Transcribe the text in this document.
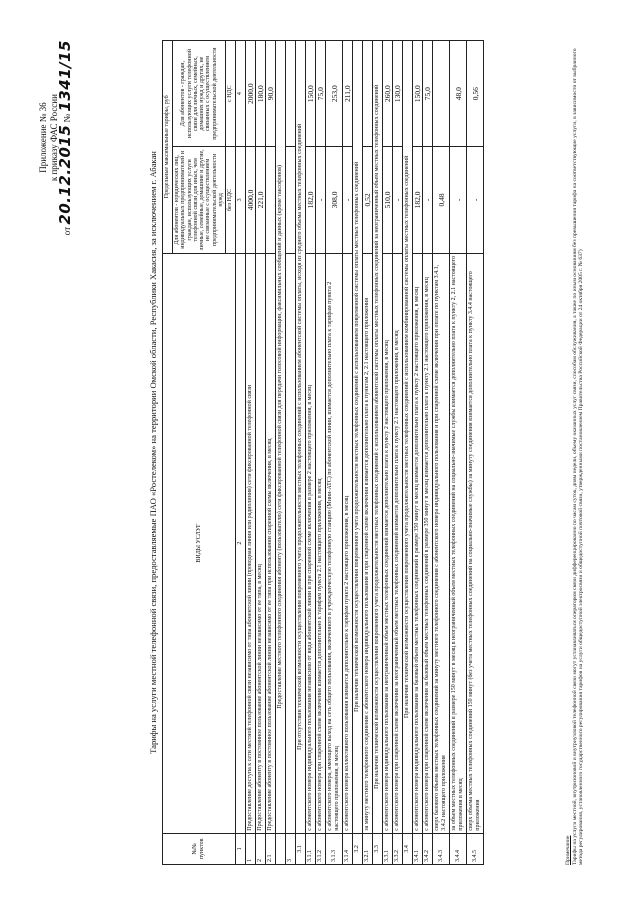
Приложение № 36 к приказу ФАС России
от 20.12.2015 № 1341/15
Тарифы на услуги местной телефонной связи, предоставляемые ПАО «Ростелеком» на территории Омской области, Республики Хакасия, за исключением г. Абакан
№№ пунктов	ВИДЫ УСЛУГ	Предельные максимальные тарифы, руб	
		Для абонентов - юридических лиц, индивидуальных предпринимателей и граждан, использующих услуги телефонной связи для иных, чем личные, семейные, домашние и другие, не связанные с осуществлением предпринимательской деятельности нужд	Для абонентов - граждан, использующих услуги телефонной связи для личных, семейных, домашних нужд и других, не связанных с осуществлением предпринимательской деятельности
		без НДС	с НДС
1	2	3	4
1	Предоставление доступа к сети местной телефонной связи независимо от типа абонентской линии (проводная линия или радиолиния) сети фиксированной телефонной связи	4000,0	2000,0
2	Предоставление абоненту в постоянное пользование абонентской линии независимо от ее типа, в месяц	221,0	180,0
2.1	Предоставление абоненту в постоянное пользование абонентской линии независимо от ее типа при использовании спаренной схемы включения, в месяц		90,0
	Предоставление местного телефонного соединения абоненту (пользователю) сети фиксированной телефонной связи для передачи голосовой информации, факсимильных сообщений и данных (кроме таксофонов)		
3			
3.1	При отсутствии технической возможности осуществления повременного учета продолжительности местных телефонных соединений с использованием абонентской системы оплаты, исходя из среднего объема местных телефонных соединений		
3.1.1	с абонентского номера индивидуального пользования независимо от вида абонентской линии и при спаренной схеме включения в размере 2 настоящего приложения, в месяц	182,0	150,0
3.1.2	с абонентского номера при спаренной схеме включения взимается дополнительно к тарифам пункта 2.1 настоящего приложения, в месяц	-	75,0
3.1.3	с абонентского номера, имеющего выход на сеть общего пользования, включенного в учрежденческую телефонную станцию (Мини-АТС) по абонентской линии, взимается дополнительно плата к тарифам пункта 2 настоящего приложения, в месяц	308,0	253,0
3.1.4	с абонентского номера коллективного пользования взимается дополнительно к тарифам пункта 2 настоящего приложения, в месяц	-	211,0
3.2	При наличии технической возможности осуществления повременного учета продолжительности местных телефонных соединений с использованием повременной системы оплаты местных телефонных соединений		
3.2.1	за минуту местного телефонного соединения с абонентского номера индивидуального пользования и при спаренной схеме включения взимается дополнительно плата к пунктам 2, 2.1 настоящего приложения	0,52	
3.3	При наличии технической возможности осуществления повременного учета продолжительности местных телефонных соединений с использованием абонентской системы оплаты местных телефонных соединений за неограниченный объем местных телефонных соединений		
3.3.1	с абонентского номера индивидуального пользования за неограниченный объем местных телефонных соединений взимается дополнительно плата к пункту 2 настоящего приложения, в месяц	510,0	260,0
3.3.2	с абонентского номера при спаренной схеме включения за неограниченный объем местных телефонных соединений взимается дополнительно плата к пункту 2.1 настоящего приложения, в месяц	-	130,0
3.4	При наличии технической возможности осуществления повременного учета продолжительности местных телефонных соединений с использованием комбинированной системы оплаты местных телефонных соединений		
3.4.1	с абонентского номера индивидуального пользования за базовый объем местных телефонных соединений в размере 350 минут в месяц взимается дополнительно плата к пункту 2 настоящего приложения, в месяц	182,0	150,0
3.4.2	с абонентского номера при спаренной схеме включения за базовый объем местных телефонных соединений в размере 350 минут в месяц взимается дополнительно плата к пункту 2.1 настоящего приложения, в месяц	-	75,0
3.4.3	сверх базового объема местных телефонных соединений за минуту местного телефонного соединения с абонентского номера индивидуального пользования и при спаренной схеме включения при оплате по пунктам 3.4.1, 3.4.2 настоящего приложения	0,48	
3.4.4	за объем местных телефонных соединений в размере 150 минут в месяц в неограниченный объем местных телефонных соединений на социально-значимые службы взимается дополнительно плата к пункту 2, 2.1 настоящего приложения в месяц	-	48,0
3.4.5	сверх объема местных телефонных соединений 150 минут (без учета местных телефонных соединений на социально-значимые службы) за минуту соединения взимается дополнительно плата к пункту 3.4.4 настоящего приложения	-	0,56
Примечание Тарифы на услуги местной, внутризоновой и внутриузловой телефонной связи могут устанавливаться оператором связи дифференцированно по часам суток, дням недели, объему оказанных услуг связи, способам обслуживания, а также по иным основаниям без превышения тарифа на соответствующие услуги, в зависимости от выбранного метода регулирования, установленного государственного регулирования тарифов на услуги общедоступной электросвязи и общедоступной почтовой связи, утвержденными постановлением Правительства Российской Федерации от 24 октября 2005 г. № 637)
